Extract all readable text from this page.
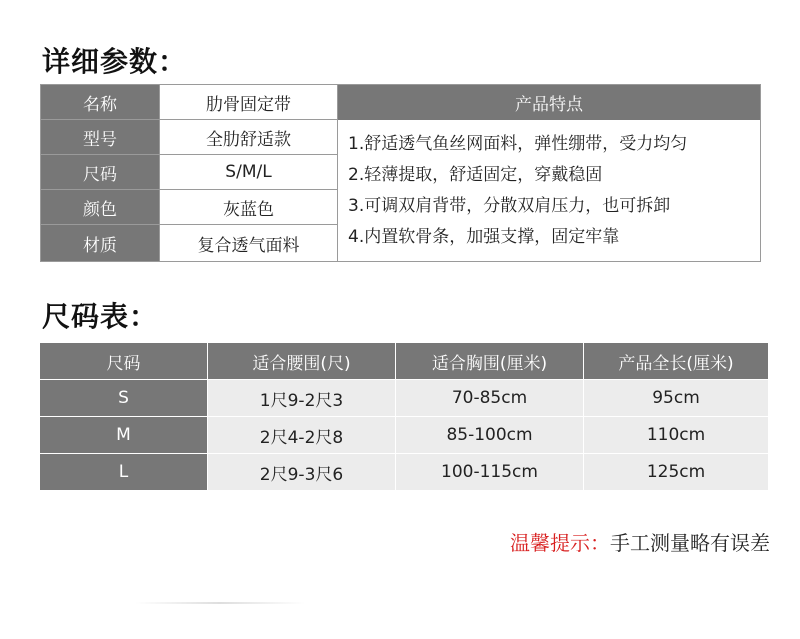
详细参数：
名称	肋骨固定带
型号	全肋舒适款
尺码	S/M/L
颜色	灰蓝色
材质	复合透气面料
产品特点
1.舒适透气鱼丝网面料，弹性绷带，受力均匀
2.轻薄提取，舒适固定，穿戴稳固
3.可调双肩背带，分散双肩压力，也可拆卸
4.内置软骨条，加强支撑，固定牢靠
尺码表：
尺码	适合腰围(尺)	适合胸围(厘米)	产品全长(厘米)
S	1尺9-2尺3	70-85cm	95cm
M	2尺4-2尺8	85-100cm	110cm
L	2尺9-3尺6	100-115cm	125cm
温馨提示：手工测量略有误差
